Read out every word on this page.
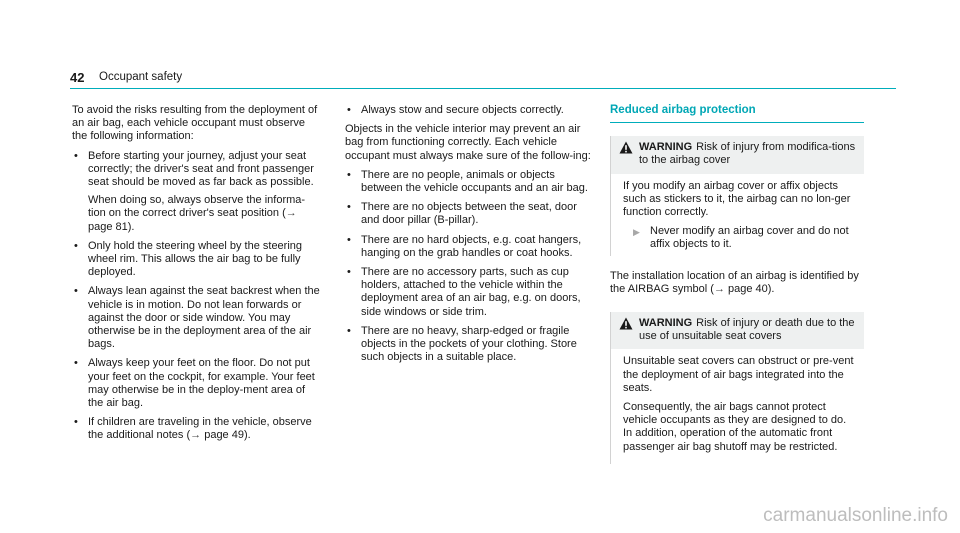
42 Occupant safety

To avoid the risks resulting from the deployment of an air bag, each vehicle occupant must observe the following information:

• Before starting your journey, adjust your seat correctly; the driver's seat and front passenger seat should be moved as far back as possible.
When doing so, always observe the informa-tion on the correct driver's seat position (→ page 81).
• Only hold the steering wheel by the steering wheel rim. This allows the air bag to be fully deployed.
• Always lean against the seat backrest when the vehicle is in motion. Do not lean forwards or against the door or side window. You may otherwise be in the deployment area of the air bags.
• Always keep your feet on the floor. Do not put your feet on the cockpit, for example. Your feet may otherwise be in the deploy-ment area of the air bag.
• If children are traveling in the vehicle, observe the additional notes (→ page 49).
• Always stow and secure objects correctly.

Objects in the vehicle interior may prevent an air bag from functioning correctly. Each vehicle occupant must always make sure of the follow-ing:

• There are no people, animals or objects between the vehicle occupants and an air bag.
• There are no objects between the seat, door and door pillar (B-pillar).
• There are no hard objects, e.g. coat hangers, hanging on the grab handles or coat hooks.
• There are no accessory parts, such as cup holders, attached to the vehicle within the deployment area of an air bag, e.g. on doors, side windows or side trim.
• There are no heavy, sharp-edged or fragile objects in the pockets of your clothing. Store such objects in a suitable place.
Reduced airbag protection
WARNING Risk of injury from modifica-tions to the airbag cover

If you modify an airbag cover or affix objects such as stickers to it, the airbag can no lon-ger function correctly.

▶ Never modify an airbag cover and do not affix objects to it.

The installation location of an airbag is identified by the AIRBAG symbol (→ page 40).

WARNING Risk of injury or death due to the use of unsuitable seat covers

Unsuitable seat covers can obstruct or pre-vent the deployment of air bags integrated into the seats.

Consequently, the air bags cannot protect vehicle occupants as they are designed to do. In addition, operation of the automatic front passenger air bag shutoff may be restricted.

carmanualsonline.info
